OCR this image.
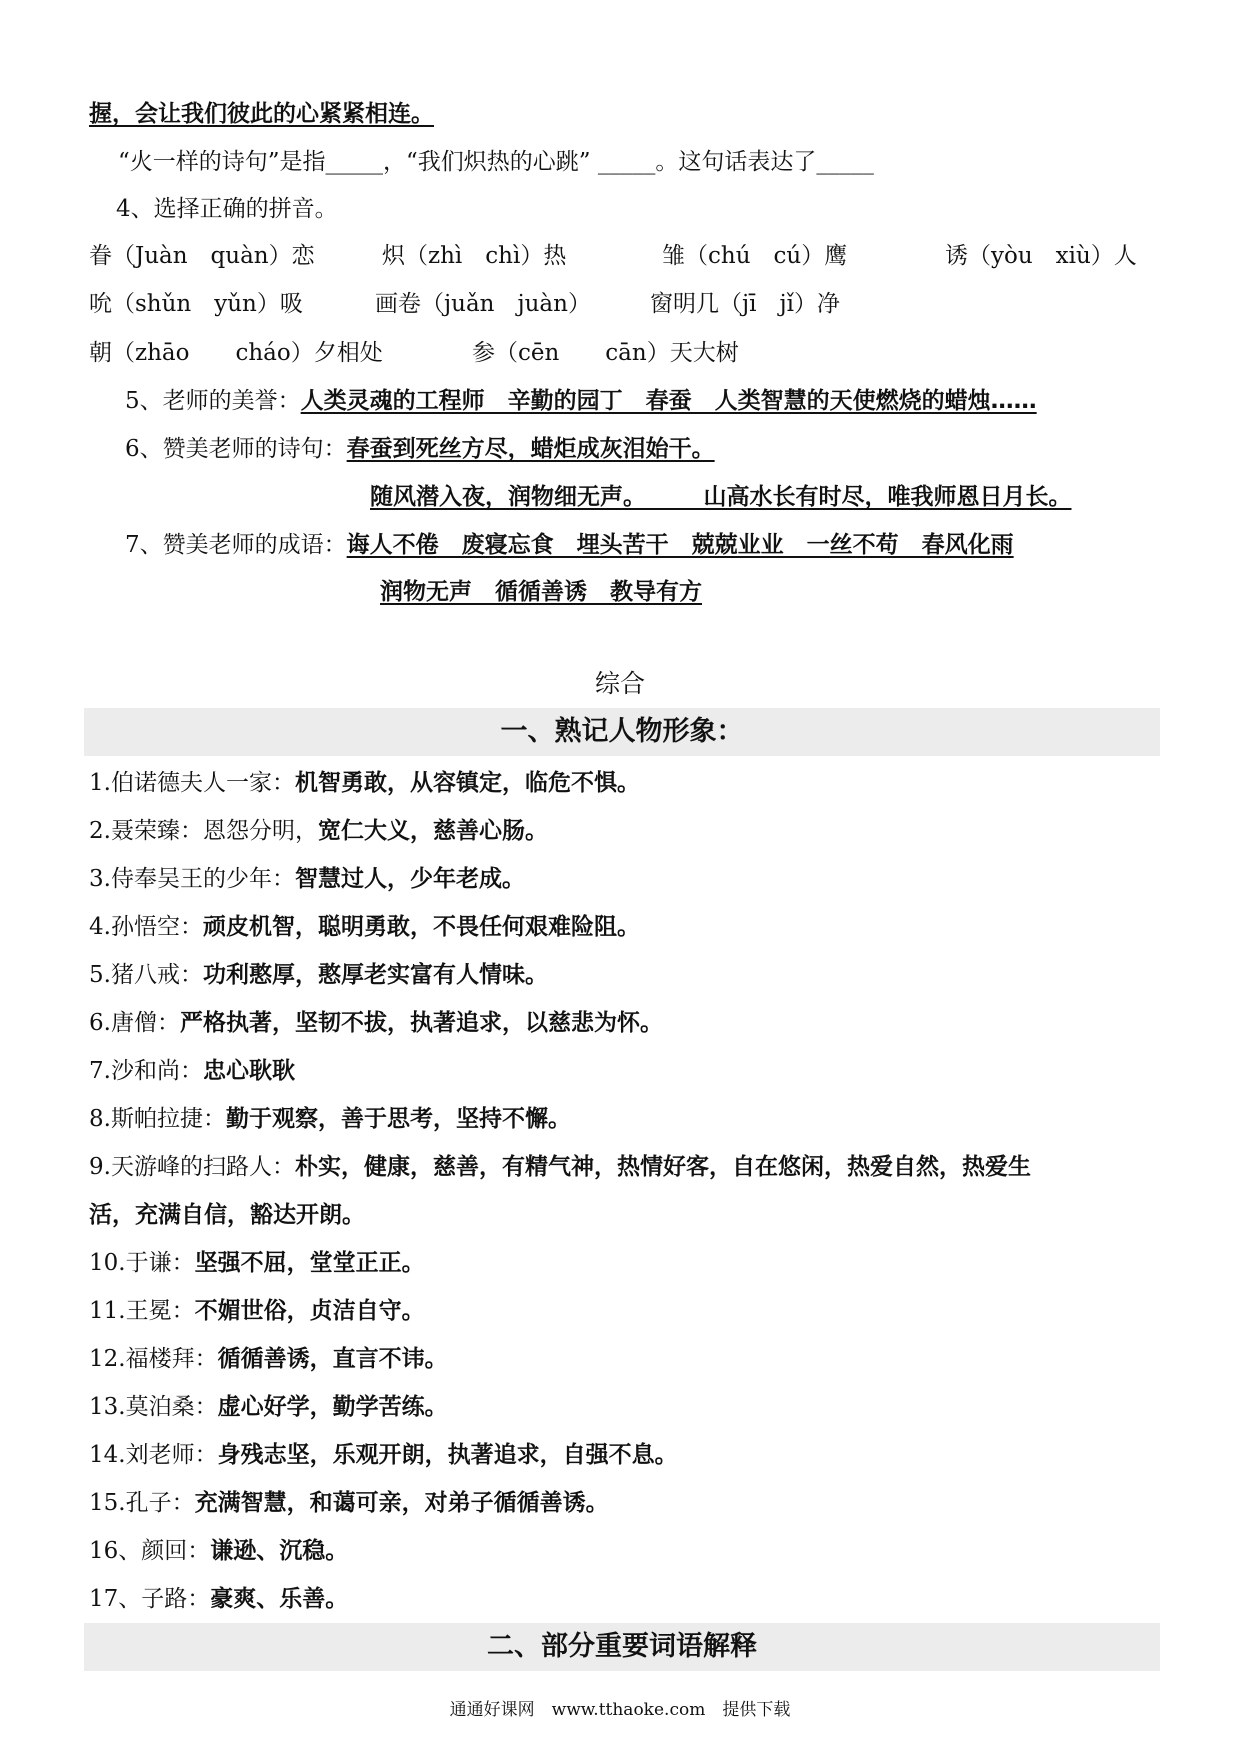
握，会让我们彼此的心紧紧相连。
“火一样的诗句”是指_____，“我们炽热的心跳” _____。这句话表达了_____
4、选择正确的拼音。
眷（Juàn　quàn）恋	炽（zhì　chì）热	雏（chú　cú）鹰	诱（yòu　xiù）人
吮（shǔn　yǔn）吸	画卷（juǎn　juàn）	窗明几（jī　jǐ）净
朝（zhāo　　cháo）夕相处	参（cēn　　cān）天大树
5、老师的美誉：人类灵魂的工程师　辛勤的园丁　春蚕　人类智慧的天使燃烧的蜡烛……
6、赞美老师的诗句：春蚕到死丝方尽，蜡炬成灰泪始干。
随风潜入夜，润物细无声。　　　山高水长有时尽，唯我师恩日月长。
7、赞美老师的成语：诲人不倦　废寝忘食　埋头苦干　兢兢业业　一丝不苟　春风化雨
润物无声　循循善诱　教导有方
综合
一、熟记人物形象：
1.伯诺德夫人一家：机智勇敢，从容镇定，临危不惧。
2.聂荣臻：恩怨分明，宽仁大义，慈善心肠。
3.侍奉吴王的少年：智慧过人，少年老成。
4.孙悟空：顽皮机智，聪明勇敢，不畏任何艰难险阻。
5.猪八戒：功利憨厚，憨厚老实富有人情味。
6.唐僧：严格执著，坚韧不拔，执著追求，以慈悲为怀。
7.沙和尚：忠心耿耿
8.斯帕拉捷：勤于观察，善于思考，坚持不懈。
9.天游峰的扫路人：朴实，健康，慈善，有精气神，热情好客，自在悠闲，热爱自然，热爱生
活，充满自信，豁达开朗。
10.于谦：坚强不屈，堂堂正正。
11.王冕：不媚世俗，贞洁自守。
12.福楼拜：循循善诱，直言不讳。
13.莫泊桑：虚心好学，勤学苦练。
14.刘老师：身残志坚，乐观开朗，执著追求，自强不息。
15.孔子：充满智慧，和蔼可亲，对弟子循循善诱。
16、颜回：谦逊、沉稳。
17、子路：豪爽、乐善。
二、部分重要词语解释
通通好课网　www.tthaoke.com　提供下载
